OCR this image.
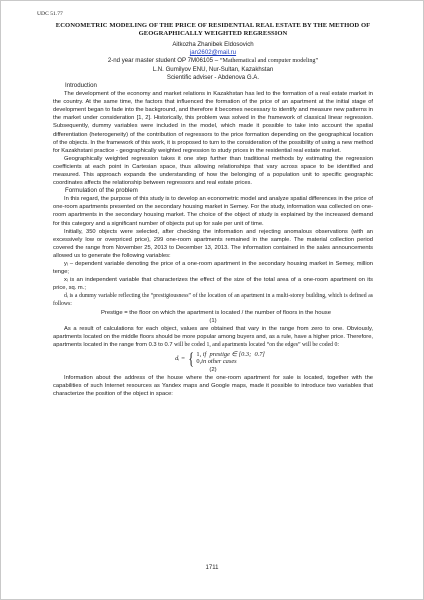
UDC 51.77
ECONOMETRIC MODELING OF THE PRICE OF RESIDENTIAL REAL ESTATE BY THE METHOD OF GEOGRAPHICALLY WEIGHTED REGRESSION
Aitkozha Zhanibek Eldosovich
jan2602@mail.ru
2-nd year master student OP 7M06105 – “Mathematical and computer modeling”
L.N. Gumilyov ENU, Nur-Sultan, Kazakhstan
Scientific adviser - Abdenova G.A.
Introduction

The development of the economy and market relations in Kazakhstan has led to the formation of a real estate market in the country. At the same time, the factors that influenced the formation of the price of an apartment at the initial stage of development began to fade into the background, and therefore it becomes necessary to identify and measure new patterns in the market under consideration [1, 2]. Historically, this problem was solved in the framework of classical linear regression. Subsequently, dummy variables were included in the model, which made it possible to take into account the spatial differentiation (heterogeneity) of the contribution of regressors to the price formation depending on the geographical location of the objects. In the framework of this work, it is proposed to turn to the consideration of the possibility of using a new method for Kazakhstani practice - geographically weighted regression to study prices in the residential real estate market.

Geographically weighted regression takes it one step further than traditional methods by estimating the regression coefficients at each point in Cartesian space, thus allowing relationships that vary across space to be identified and measured. This approach expands the understanding of how the belonging of a population unit to specific geographic coordinates affects the relationship between regressors and real estate prices.

Formulation of the problem

In this regard, the purpose of this study is to develop an econometric model and analyze spatial differences in the price of one-room apartments presented on the secondary housing market in Semey. For the study, information was collected on one-room apartments in the secondary housing market. The choice of the object of study is explained by the increased demand for this category and a significant number of objects put up for sale per unit of time.

Initially, 350 objects were selected, after checking the information and rejecting anomalous observations (with an excessively low or overpriced price), 299 one-room apartments remained in the sample. The material collection period covered the range from November 25, 2013 to December 13, 2013. The information contained in the sales announcements allowed us to generate the following variables:

yᵢ – dependent variable denoting the price of a one-room apartment in the secondary housing market in Semey, million tenge;

xᵢ is an independent variable that characterizes the effect of the size of the total area of a one-room apartment on its price, sq. m.;

dᵢ is a dummy variable reflecting the “prestigiousness” of the location of an apartment in a multi-storey building, which is defined as follows:

Prestige = the floor on which the apartment is located / the number of floors in the house
(1)

As a result of calculations for each object, values are obtained that vary in the range from zero to one. Obviously, apartments located on the middle floors should be more popular among buyers and, as a rule, have a higher price. Therefore, apartments located in the range from 0.3 to 0.7 will be coded 1, and apartments located “on the edges” will be coded 0:

dᵢ = { 1, if  prestige ∈ [0.3;  0.7]
0,in other cases
(2)

Information about the address of the house where the one-room apartment for sale is located, together with the capabilities of such Internet resources as Yandex maps and Google maps, made it possible to introduce two variables that characterize the position of the object in space:

1711
